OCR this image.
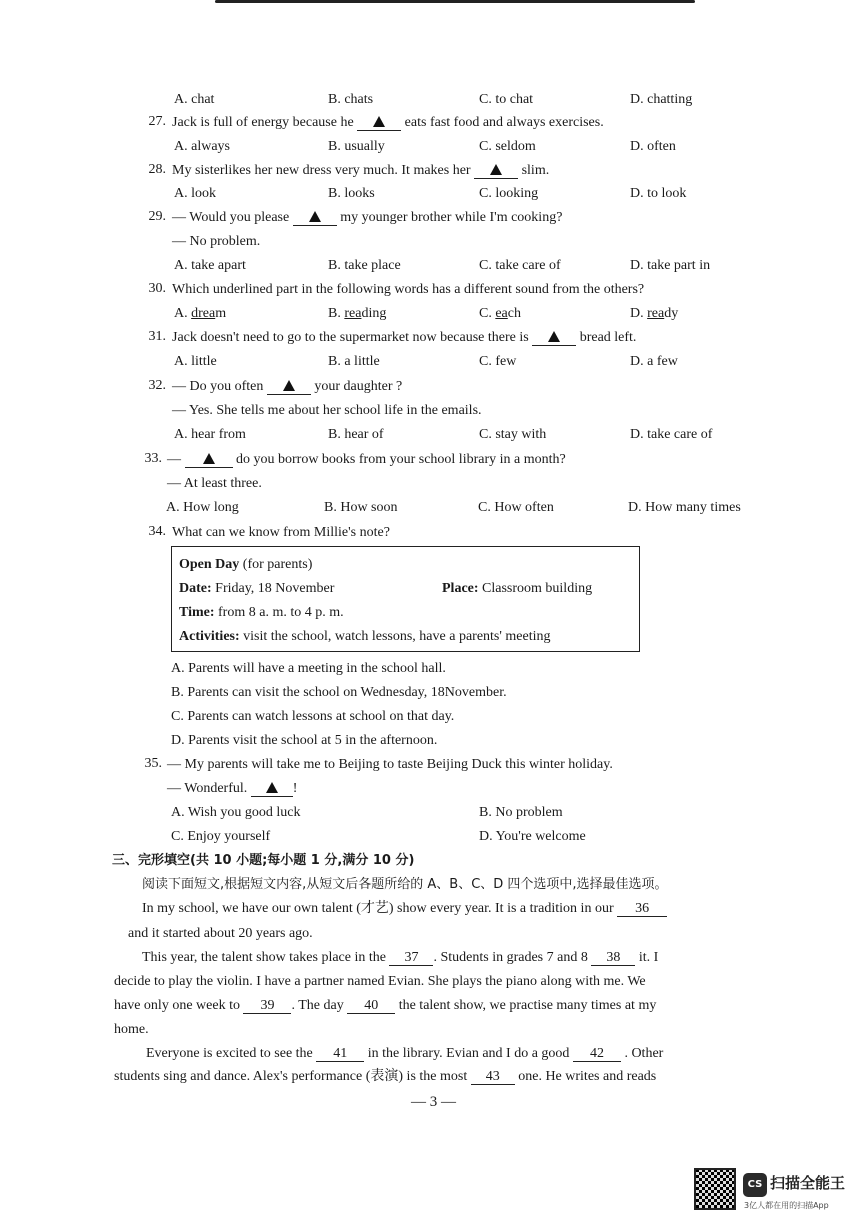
A. chat	B. chats	C. to chat	D. chatting
27. Jack is full of energy because he	eats fast food and always exercises.
A. always	B. usually	C. seldom	D. often
28. My sisterlikes her new dress very much. It makes her	slim.
A. look	B. looks	C. looking	D. to look
29. — Would you please	my younger brother while I'm cooking?
— No problem.
A. take apart	B. take place	C. take care of	D. take part in
30. Which underlined part in the following words has a different sound from the others?
A. dream	B. reading	C. each	D. ready
31. Jack doesn't need to go to the supermarket now because there is	bread left.
A. little	B. a little	C. few	D. a few
32. — Do you often	your daughter ?
— Yes. She tells me about her school life in the emails.
A. hear from	B. hear of	C. stay with	D. take care of
33. —	do you borrow books from your school library in a month?
— At least three.
A. How long	B. How soon	C. How often	D. How many times
34. What can we know from Millie's note?
Open Day (for parents)
Date: Friday, 18 November	Place: Classroom building
Time: from 8 a. m. to 4 p. m.
Activities: visit the school, watch lessons, have a parents' meeting
A. Parents will have a meeting in the school hall.
B. Parents can visit the school on Wednesday, 18November.
C. Parents can watch lessons at school on that day.
D. Parents visit the school at 5 in the afternoon.
35. — My parents will take me to Beijing to taste Beijing Duck this winter holiday.
— Wonderful.	!
A. Wish you good luck	B. No problem
C. Enjoy yourself	D. You're welcome
三、完形填空(共 10 小题;每小题 1 分,满分 10 分)
阅读下面短文,根据短文内容,从短文后各题所给的 A、B、C、D 四个选项中,选择最佳选项。
In my school, we have our own talent (才艺) show every year. It is a tradition in our 36
and it started about 20 years ago.
This year, the talent show takes place in the 37 . Students in grades 7 and 8 38 it. I
decide to play the violin. I have a partner named Evian. She plays the piano along with me. We
have only one week to 39 . The day 40 the talent show, we practise many times at my
home.
Everyone is excited to see the 41 in the library. Evian and I do a good 42 . Other
students sing and dance. Alex's performance (表演) is the most 43 one. He writes and reads
— 3 —
CS 扫描全能王
3亿人都在用的扫描App
